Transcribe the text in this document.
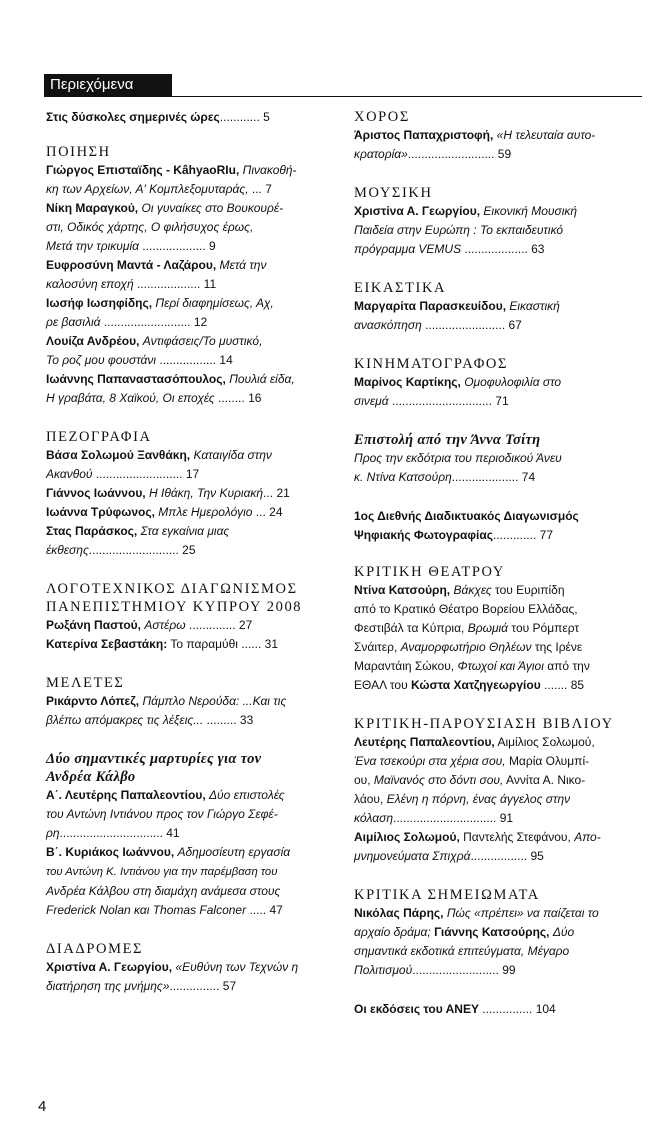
Περιεχόμενα
Στις δύσκολες σημερινές ώρες............ 5
ΠΟΙΗΣΗ
Γιώργος Επισταϊδης - KâhyaoRIu, Πινακοθή-
κη των Αρχείων, Α' Κομπλεξομυταράς, ... 7
Νίκη Μαραγκού, Οι γυναίκες στο Βουκουρέ-
στι, Οδικός χάρτης, Ο φιλήσυχος έρως,
Μετά την τρικυμία ................... 9
Ευφροσύνη Μαντά - Λαζάρου, Μετά την
καλοσύνη εποχή ................... 11
Ιωσήφ Ιωσηφίδης, Περί διαφημίσεως, Αχ,
ρε βασιλιά .......................... 12
Λουίζα Ανδρέου, Αντιφάσεις/Το μυστικό,
Το ροζ μου φουστάνι ................. 14
Ιωάννης Παπαναστασόπουλος, Πουλιά είδα,
Η γραβάτα, 8 Χαϊκού, Οι εποχές ........ 16
ΠΕΖΟΓΡΑΦΙΑ
Βάσα Σολωμού Ξανθάκη, Καταιγίδα στην
Ακανθού .......................... 17
Γιάννος Ιωάννου, Η Ιθάκη, Την Κυριακή... 21
Ιωάννα Τρύφωνος, Μπλε Ημερολόγιο ... 24
Στας Παράσκος, Στα εγκαίνια μιας
έκθεσης........................... 25
ΛΟΓΟΤΕΧΝΙΚΟΣ ΔΙΑΓΩΝΙΣΜΟΣ
ΠΑΝΕΠΙΣΤΗΜΙΟΥ ΚΥΠΡΟΥ 2008
Ρωξάνη Παστού, Αστέρω .............. 27
Κατερίνα Σεβαστάκη: Το παραμύθι ...... 31
ΜΕΛΕΤΕΣ
Ρικάρντο Λόπεζ, Πάμπλο Νερούδα: ...Και τις
βλέπω απόμακρες τις λέξεις... ......... 33
Δύο σημαντικές μαρτυρίες για τον
Ανδρέα Κάλβο
Α΄. Λευτέρης Παπαλεοντίου, Δύο επιστολές
του Αντώνη Ιντιάνου προς τον Γιώργο Σεφέ-
ρη............................... 41
Β΄. Κυριάκος Ιωάννου, Αδημοσίευτη εργασία
του Αντώνη Κ. Ιντιάνου για την παρέμβαση του
Ανδρέα Κάλβου στη διαμάχη ανάμεσα στους
Frederick Nolan και Thomas Falconer ..... 47
ΔΙΑΔΡΟΜΕΣ
Χριστίνα Α. Γεωργίου, «Ευθύνη των Τεχνών η
διατήρηση της μνήμης»............... 57
ΧΟΡΟΣ
Άριστος Παπαχριστοφή, «Η τελευταία αυτο-
κρατορία».......................... 59
ΜΟΥΣΙΚΗ
Χριστίνα Α. Γεωργίου, Εικονική Μουσική
Παιδεία στην Ευρώπη : Το εκπαιδευτικό
πρόγραμμα VEMUS ................... 63
ΕΙΚΑΣΤΙΚΑ
Μαργαρίτα Παρασκευίδου, Εικαστική
ανασκόπηση ........................ 67
ΚΙΝΗΜΑΤΟΓΡΑΦΟΣ
Μαρίνος Καρτίκης, Ομοφυλοφιλία στο
σινεμά .............................. 71
Επιστολή από την Άννα Τσίτη
Προς την εκδότρια του περιοδικού Άνευ
κ. Ντίνα Κατσούρη.................... 74
1ος Διεθνής Διαδικτυακός Διαγωνισμός
Ψηφιακής Φωτογραφίας............. 77
ΚΡΙΤΙΚΗ ΘΕΑΤΡΟΥ
Ντίνα Κατσούρη, Βάκχες του Ευριπίδη
από το Κρατικό Θέατρο Βορείου Ελλάδας,
Φεστιβάλ τα Κύπρια, Βρωμιά του Ρόμπερτ
Σνάιτερ, Αναμορφωτήριο Θηλέων της Ιρένε
Μαραντάιη Σώκου, Φτωχοί και Άγιοι από την
ΕΘΑΛ του Κώστα Χατζηγεωργίου ....... 85
ΚΡΙΤΙΚΗ-ΠΑΡΟΥΣΙΑΣΗ ΒΙΒΛΙΟΥ
Λευτέρης Παπαλεοντίου, Αιμίλιος Σολωμού,
Ένα τσεκούρι στα χέρια σου, Μαρία Ολυμπί-
ου, Μαϊνανός στο δόντι σου, Αννίτα Α. Νικο-
λάου, Ελένη η πόρνη, ένας άγγελος στην
κόλαση............................... 91
Αιμίλιος Σολωμού, Παντελής Στεφάνου, Απο-
μνημονεύματα Σπιχρά................. 95
ΚΡΙΤΙΚΑ ΣΗΜΕΙΩΜΑΤΑ
Νικόλας Πάρης, Πώς «πρέπει» να παίζεται το
αρχαίο δράμα; Γιάννης Κατσούρης, Δύο
σημαντικά εκδοτικά επιτεύγματα, Μέγαρο
Πολιτισμού.......................... 99
Οι εκδόσεις του ΑΝΕΥ ............... 104
4
